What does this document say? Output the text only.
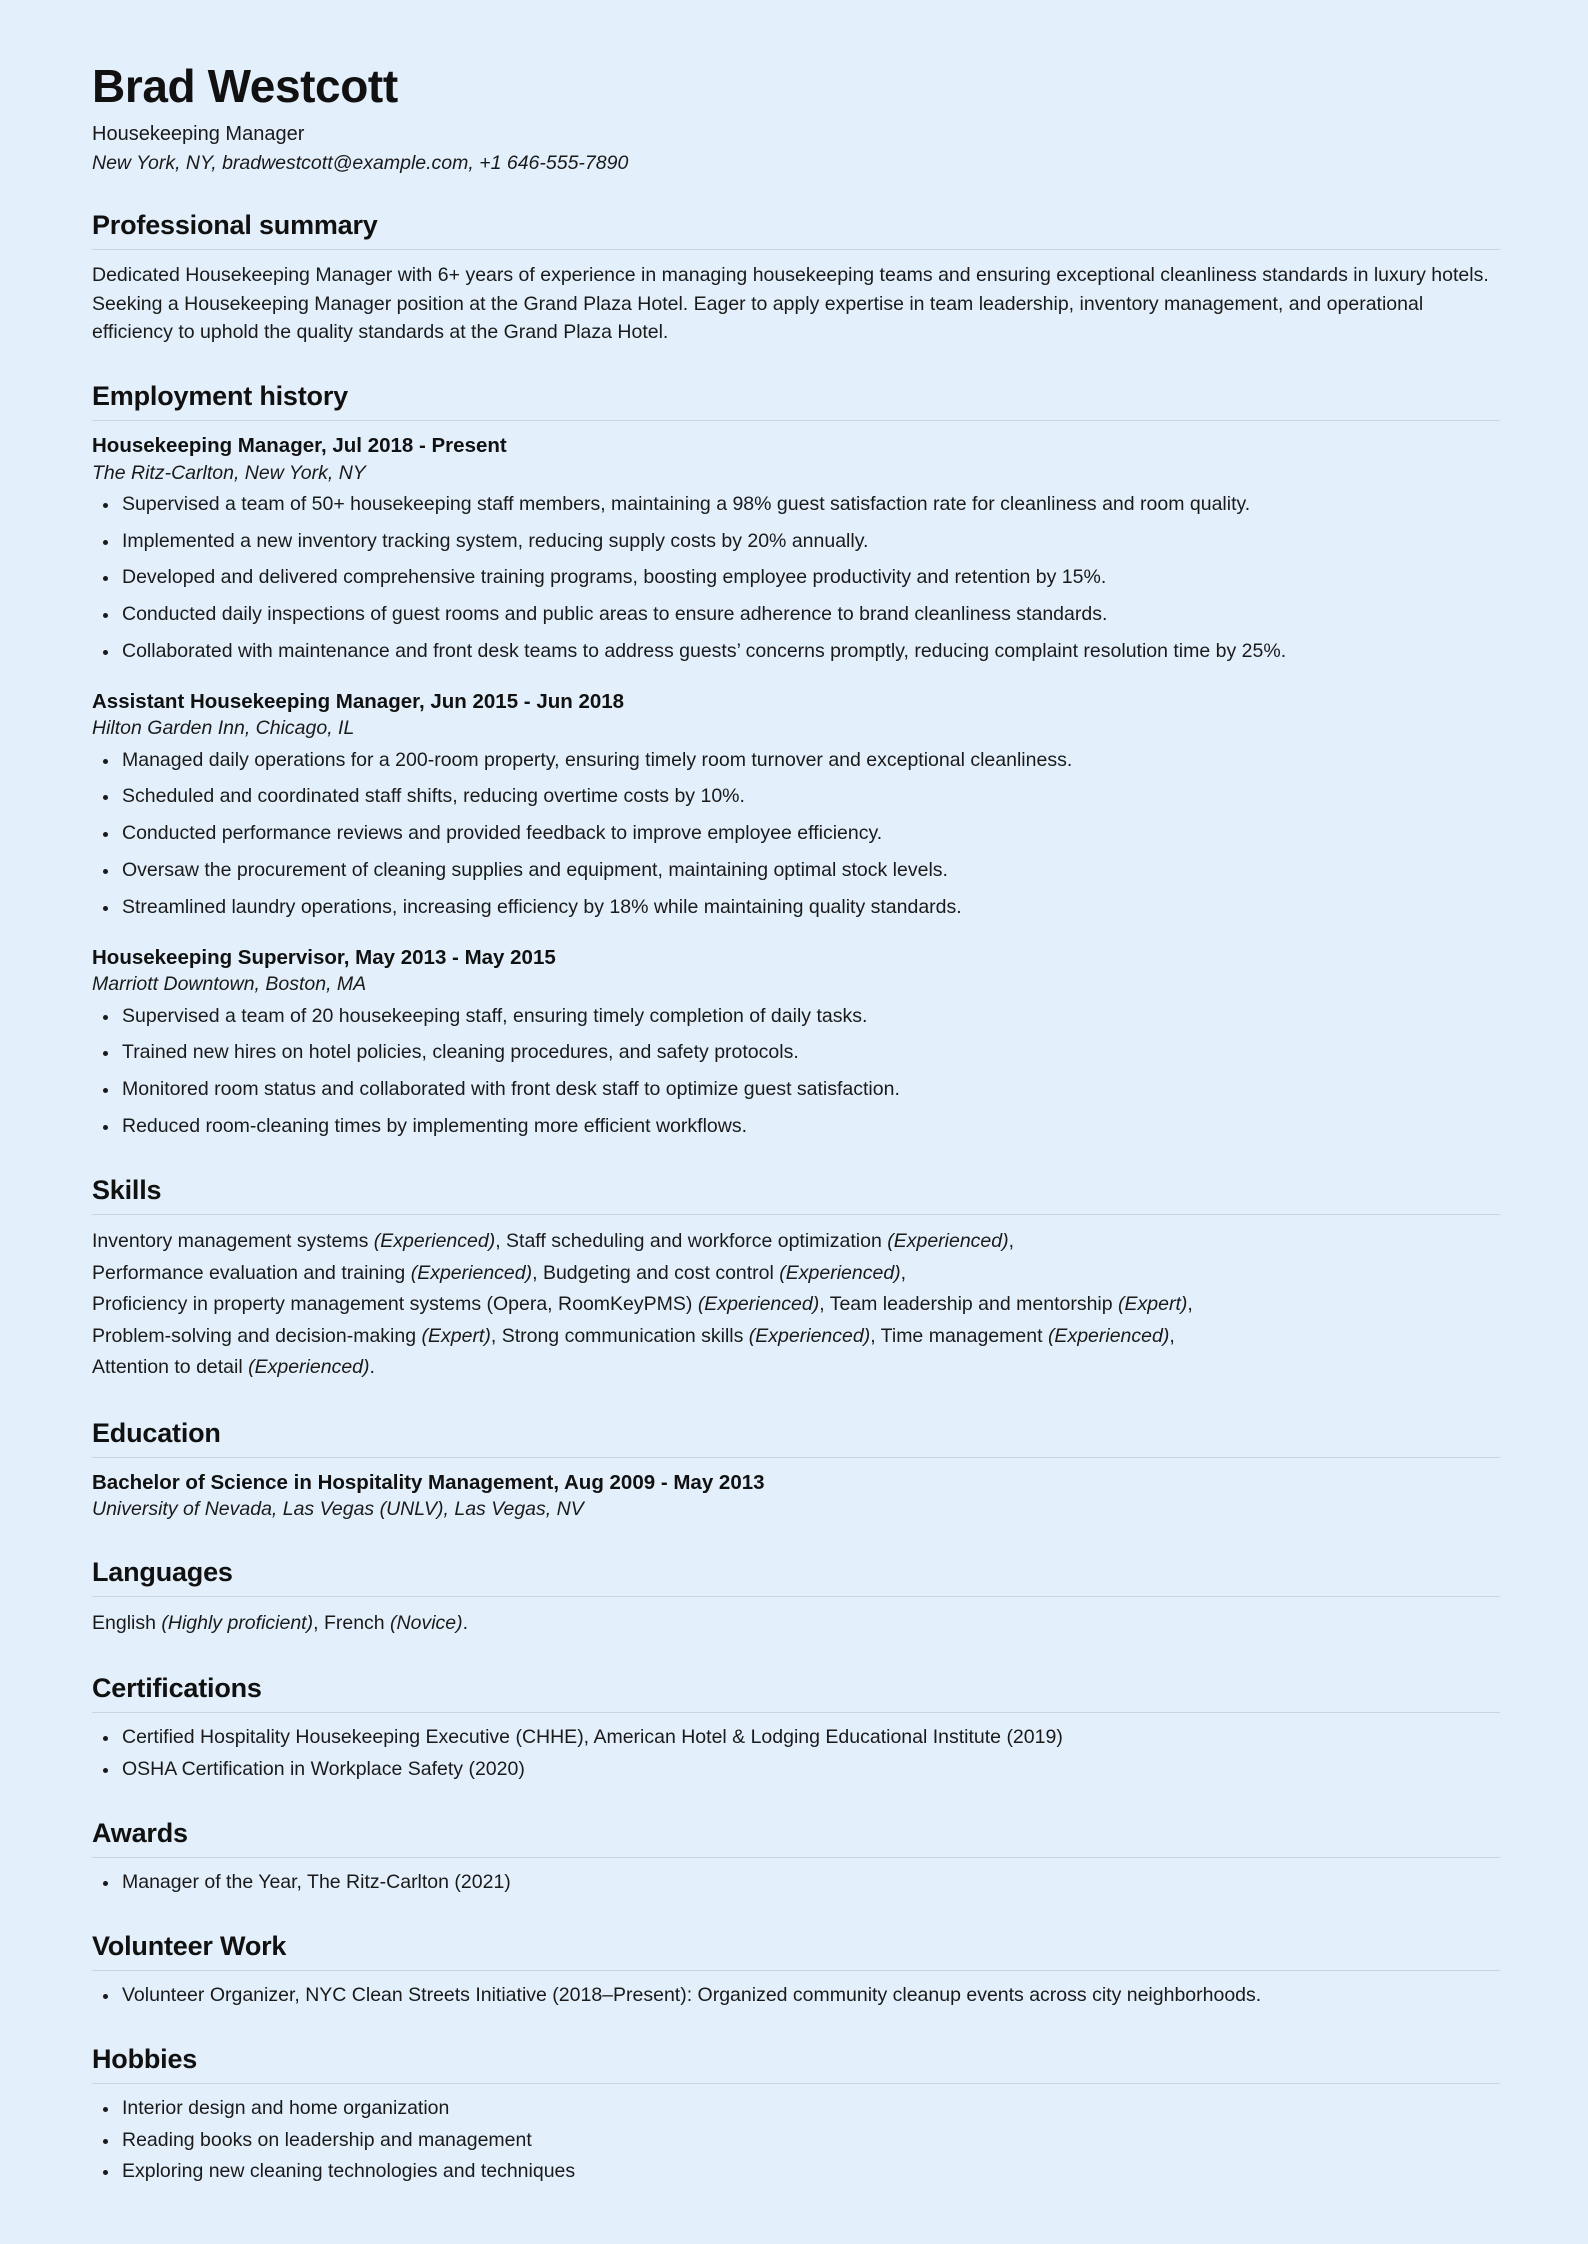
Brad Westcott
Housekeeping Manager
New York, NY, bradwestcott@example.com, +1 646-555-7890
Professional summary

Dedicated Housekeeping Manager with 6+ years of experience in managing housekeeping teams and ensuring exceptional cleanliness standards in luxury hotels. Seeking a Housekeeping Manager position at the Grand Plaza Hotel. Eager to apply expertise in team leadership, inventory management, and operational efficiency to uphold the quality standards at the Grand Plaza Hotel.

Employment history
Housekeeping Manager, Jul 2018 - Present
The Ritz-Carlton, New York, NY
Supervised a team of 50+ housekeeping staff members, maintaining a 98% guest satisfaction rate for cleanliness and room quality.
Implemented a new inventory tracking system, reducing supply costs by 20% annually.
Developed and delivered comprehensive training programs, boosting employee productivity and retention by 15%.
Conducted daily inspections of guest rooms and public areas to ensure adherence to brand cleanliness standards.
Collaborated with maintenance and front desk teams to address guests’ concerns promptly, reducing complaint resolution time by 25%.
Assistant Housekeeping Manager, Jun 2015 - Jun 2018
Hilton Garden Inn, Chicago, IL
Managed daily operations for a 200-room property, ensuring timely room turnover and exceptional cleanliness.
Scheduled and coordinated staff shifts, reducing overtime costs by 10%.
Conducted performance reviews and provided feedback to improve employee efficiency.
Oversaw the procurement of cleaning supplies and equipment, maintaining optimal stock levels.
Streamlined laundry operations, increasing efficiency by 18% while maintaining quality standards.
Housekeeping Supervisor, May 2013 - May 2015
Marriott Downtown, Boston, MA
Supervised a team of 20 housekeeping staff, ensuring timely completion of daily tasks.
Trained new hires on hotel policies, cleaning procedures, and safety protocols.
Monitored room status and collaborated with front desk staff to optimize guest satisfaction.
Reduced room-cleaning times by implementing more efficient workflows.
Skills

Inventory management systems (Experienced), Staff scheduling and workforce optimization (Experienced),

Performance evaluation and training (Experienced), Budgeting and cost control (Experienced),

Proficiency in property management systems (Opera, RoomKeyPMS) (Experienced), Team leadership and mentorship (Expert),

Problem-solving and decision-making (Expert), Strong communication skills (Experienced), Time management (Experienced),

Attention to detail (Experienced).

Education
Bachelor of Science in Hospitality Management, Aug 2009 - May 2013
University of Nevada, Las Vegas (UNLV), Las Vegas, NV
Languages

English (Highly proficient), French (Novice).

Certifications
Certified Hospitality Housekeeping Executive (CHHE), American Hotel & Lodging Educational Institute (2019)
OSHA Certification in Workplace Safety (2020)
Awards
Manager of the Year, The Ritz-Carlton (2021)
Volunteer Work
Volunteer Organizer, NYC Clean Streets Initiative (2018–Present): Organized community cleanup events across city neighborhoods.
Hobbies
Interior design and home organization
Reading books on leadership and management
Exploring new cleaning technologies and techniques
